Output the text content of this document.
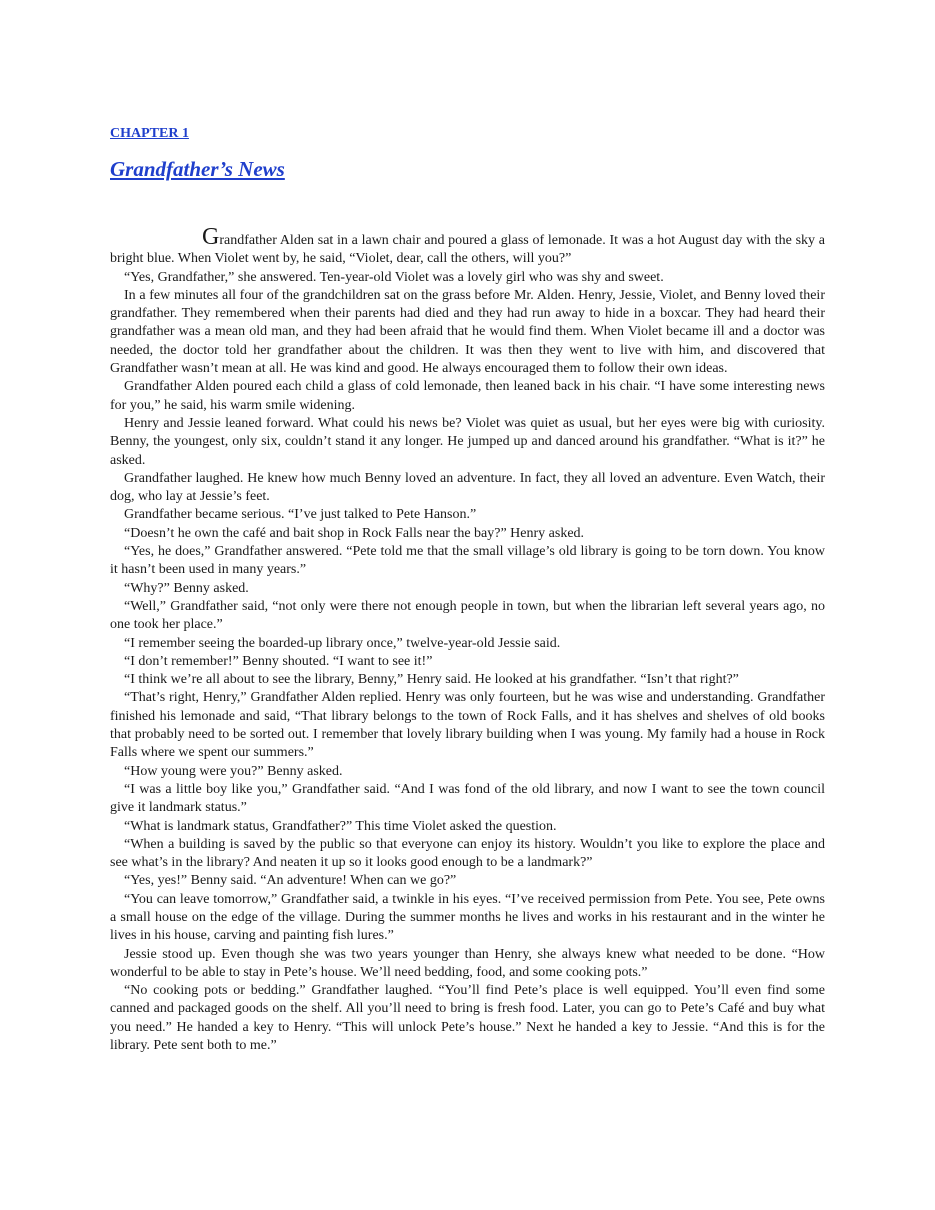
CHAPTER 1
Grandfather’s News

Grandfather Alden sat in a lawn chair and poured a glass of lemonade. It was a hot August day with the sky a bright blue. When Violet went by, he said, “Violet, dear, call the others, will you?”

“Yes, Grandfather,” she answered. Ten-year-old Violet was a lovely girl who was shy and sweet.

In a few minutes all four of the grandchildren sat on the grass before Mr. Alden. Henry, Jessie, Violet, and Benny loved their grandfather. They remembered when their parents had died and they had run away to hide in a boxcar. They had heard their grandfather was a mean old man, and they had been afraid that he would find them. When Violet became ill and a doctor was needed, the doctor told her grandfather about the children. It was then they went to live with him, and discovered that Grandfather wasn’t mean at all. He was kind and good. He always encouraged them to follow their own ideas.

Grandfather Alden poured each child a glass of cold lemonade, then leaned back in his chair. “I have some interesting news for you,” he said, his warm smile widening.

Henry and Jessie leaned forward. What could his news be? Violet was quiet as usual, but her eyes were big with curiosity. Benny, the youngest, only six, couldn’t stand it any longer. He jumped up and danced around his grandfather. “What is it?” he asked.

Grandfather laughed. He knew how much Benny loved an adventure. In fact, they all loved an adventure. Even Watch, their dog, who lay at Jessie’s feet.

Grandfather became serious. “I’ve just talked to Pete Hanson.”

“Doesn’t he own the café and bait shop in Rock Falls near the bay?” Henry asked.

“Yes, he does,” Grandfather answered. “Pete told me that the small village’s old library is going to be torn down. You know it hasn’t been used in many years.”

“Why?” Benny asked.

“Well,” Grandfather said, “not only were there not enough people in town, but when the librarian left several years ago, no one took her place.”

“I remember seeing the boarded-up library once,” twelve-year-old Jessie said.

“I don’t remember!” Benny shouted. “I want to see it!”

“I think we’re all about to see the library, Benny,” Henry said. He looked at his grandfather. “Isn’t that right?”

“That’s right, Henry,” Grandfather Alden replied. Henry was only fourteen, but he was wise and understanding. Grandfather finished his lemonade and said, “That library belongs to the town of Rock Falls, and it has shelves and shelves of old books that probably need to be sorted out. I remember that lovely library building when I was young. My family had a house in Rock Falls where we spent our summers.”

“How young were you?” Benny asked.

“I was a little boy like you,” Grandfather said. “And I was fond of the old library, and now I want to see the town council give it landmark status.”

“What is landmark status, Grandfather?” This time Violet asked the question.

“When a building is saved by the public so that everyone can enjoy its history. Wouldn’t you like to explore the place and see what’s in the library? And neaten it up so it looks good enough to be a landmark?”

“Yes, yes!” Benny said. “An adventure! When can we go?”

“You can leave tomorrow,” Grandfather said, a twinkle in his eyes. “I’ve received permission from Pete. You see, Pete owns a small house on the edge of the village. During the summer months he lives and works in his restaurant and in the winter he lives in his house, carving and painting fish lures.”

Jessie stood up. Even though she was two years younger than Henry, she always knew what needed to be done. “How wonderful to be able to stay in Pete’s house. We’ll need bedding, food, and some cooking pots.”

“No cooking pots or bedding.” Grandfather laughed. “You’ll find Pete’s place is well equipped. You’ll even find some canned and packaged goods on the shelf. All you’ll need to bring is fresh food. Later, you can go to Pete’s Café and buy what you need.” He handed a key to Henry. “This will unlock Pete’s house.” Next he handed a key to Jessie. “And this is for the library. Pete sent both to me.”
